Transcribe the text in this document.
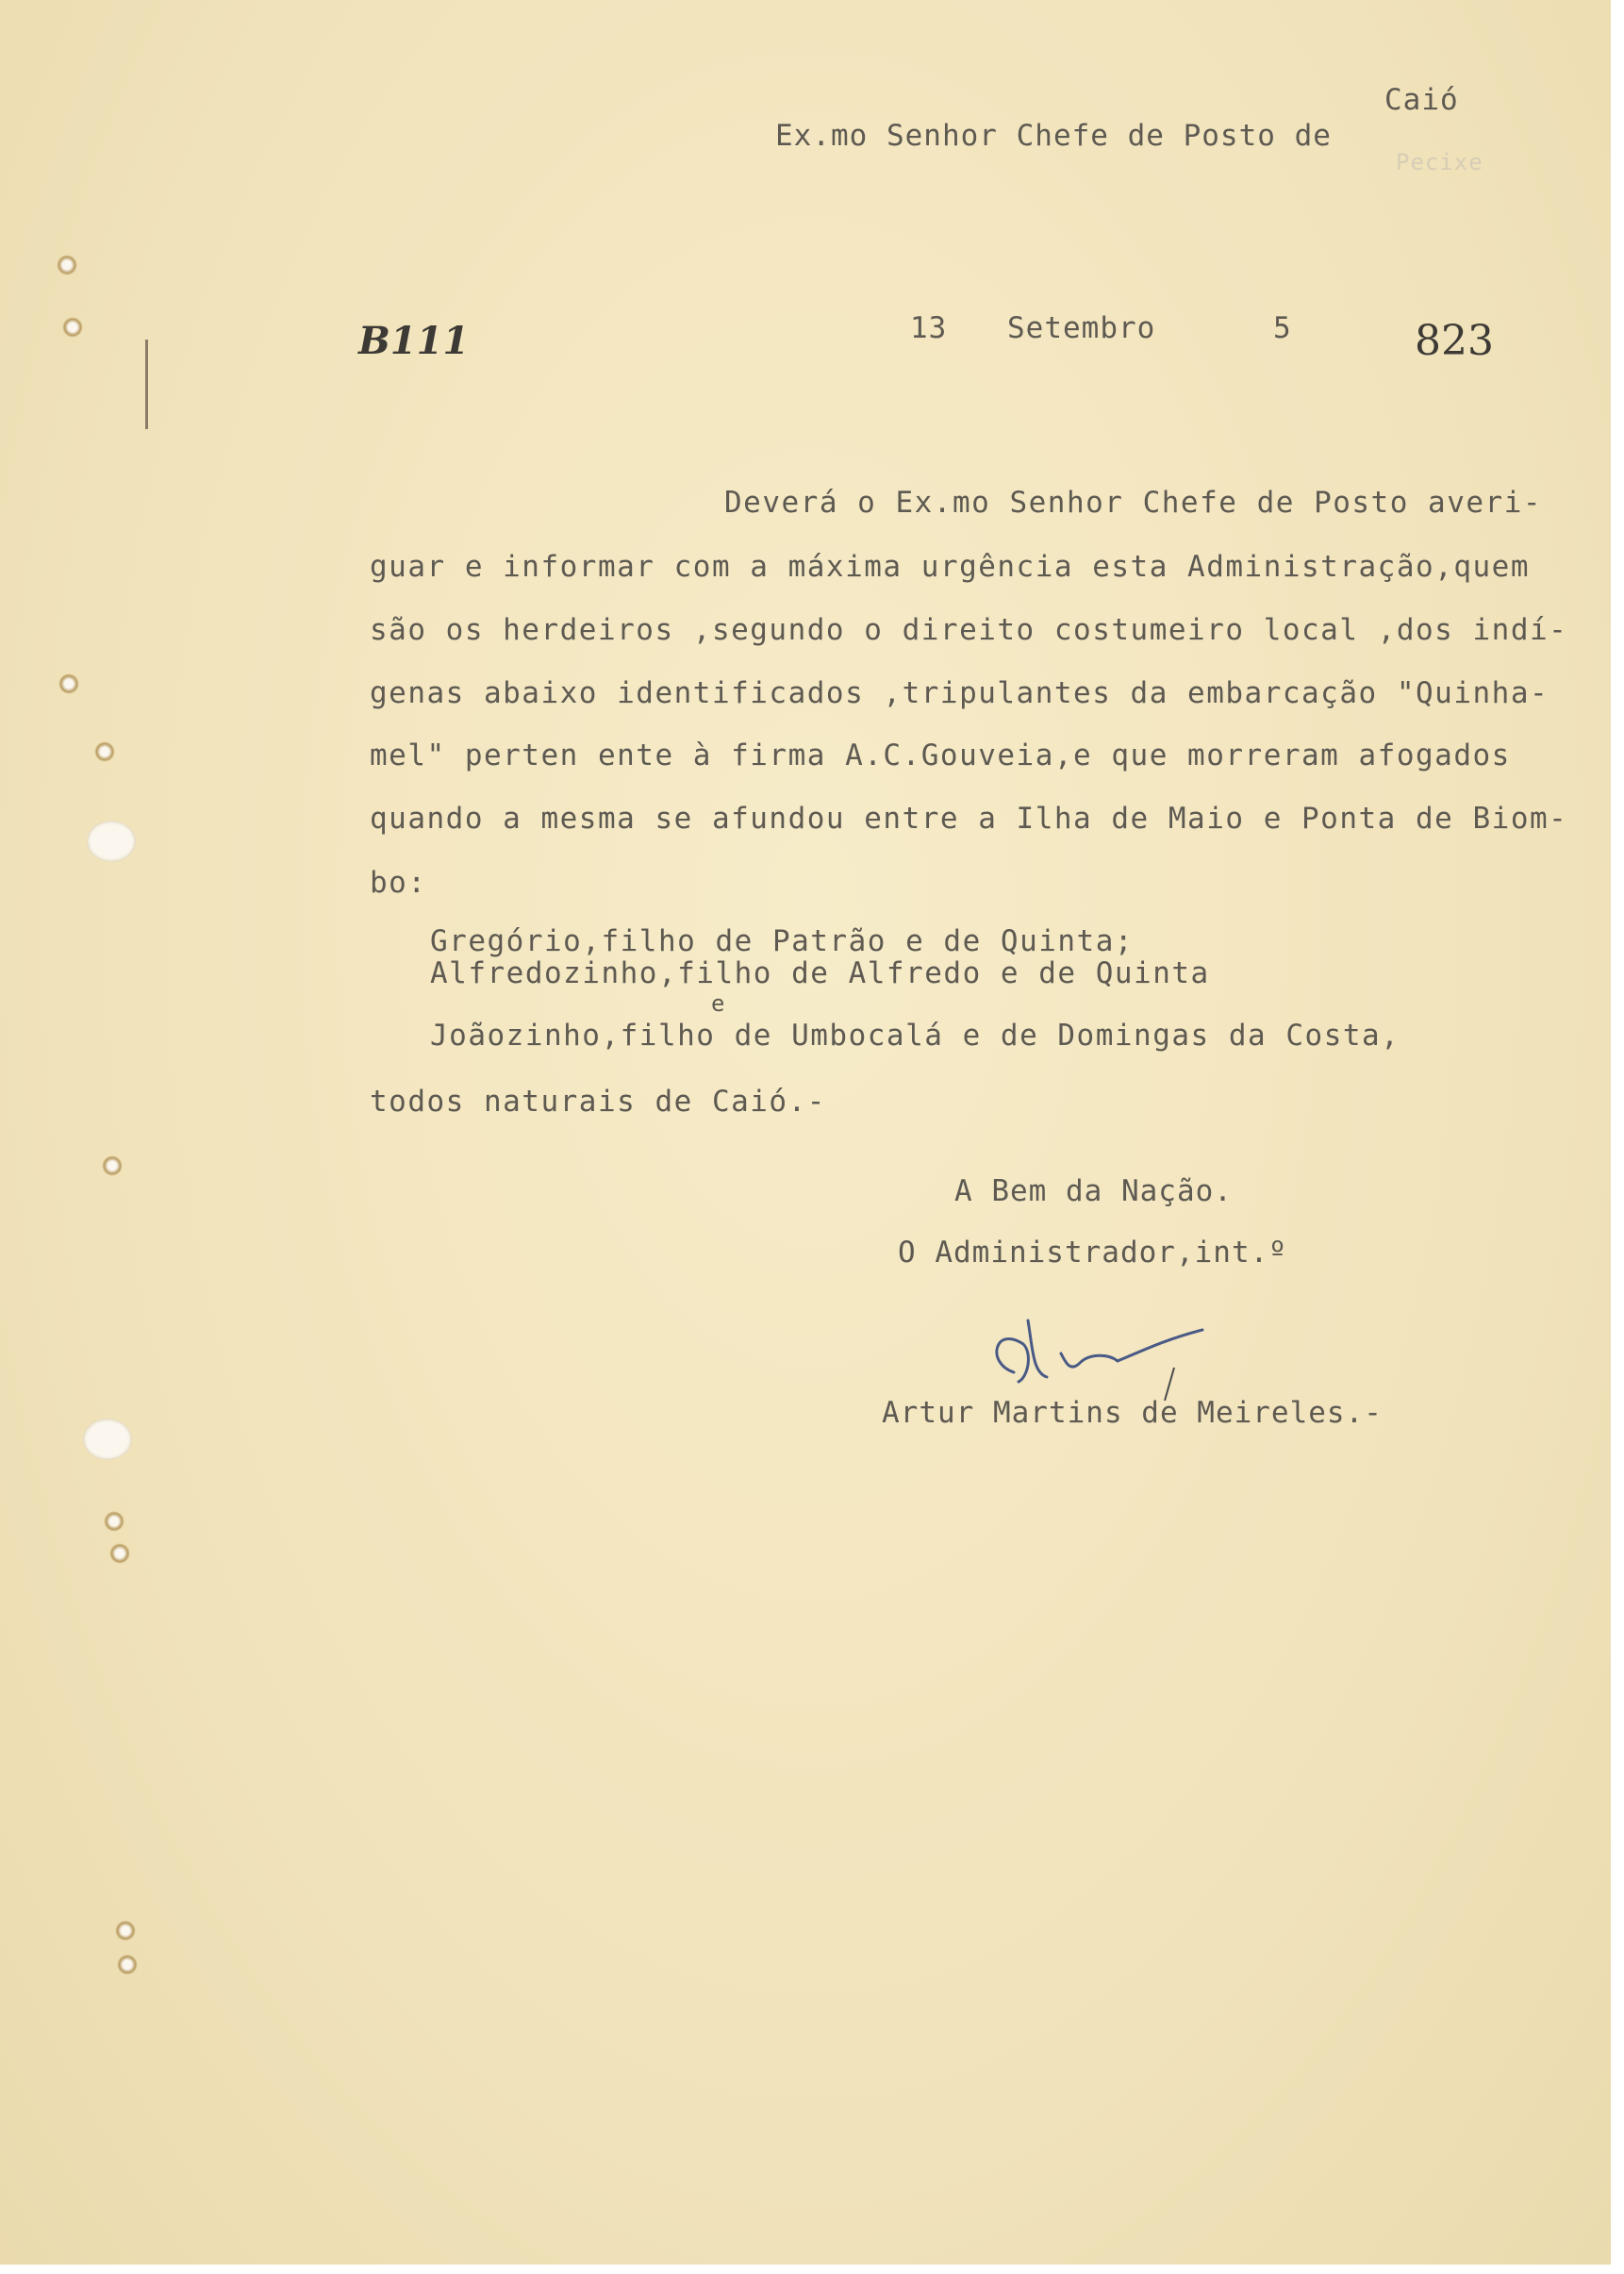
Caió
Ex.mo Senhor Chefe de Posto de
Pecixe
B111	13 Setembro	5	823
Deverá o Ex.mo Senhor Chefe de Posto averi-
guar e informar com a máxima urgência esta Administração,quem
são os herdeiros ,segundo o direito costumeiro local ,dos indí-
genas abaixo identificados ,tripulantes da embarcação "Quinha-
mel" perten ente à firma A.C.Gouveia,e que morreram afogados
quando a mesma se afundou entre a Ilha de Maio e Ponta de Biom-
bo:
Gregório,filho de Patrão e de Quinta;
Alfredozinho,filho de Alfredo e de Quinta
e
Joãozinho,filho de Umbocalá e de Domingas da Costa,
todos naturais de Caió.-
A Bem da Nação.
O Administrador,int.º
Artur Martins de Meireles.-
